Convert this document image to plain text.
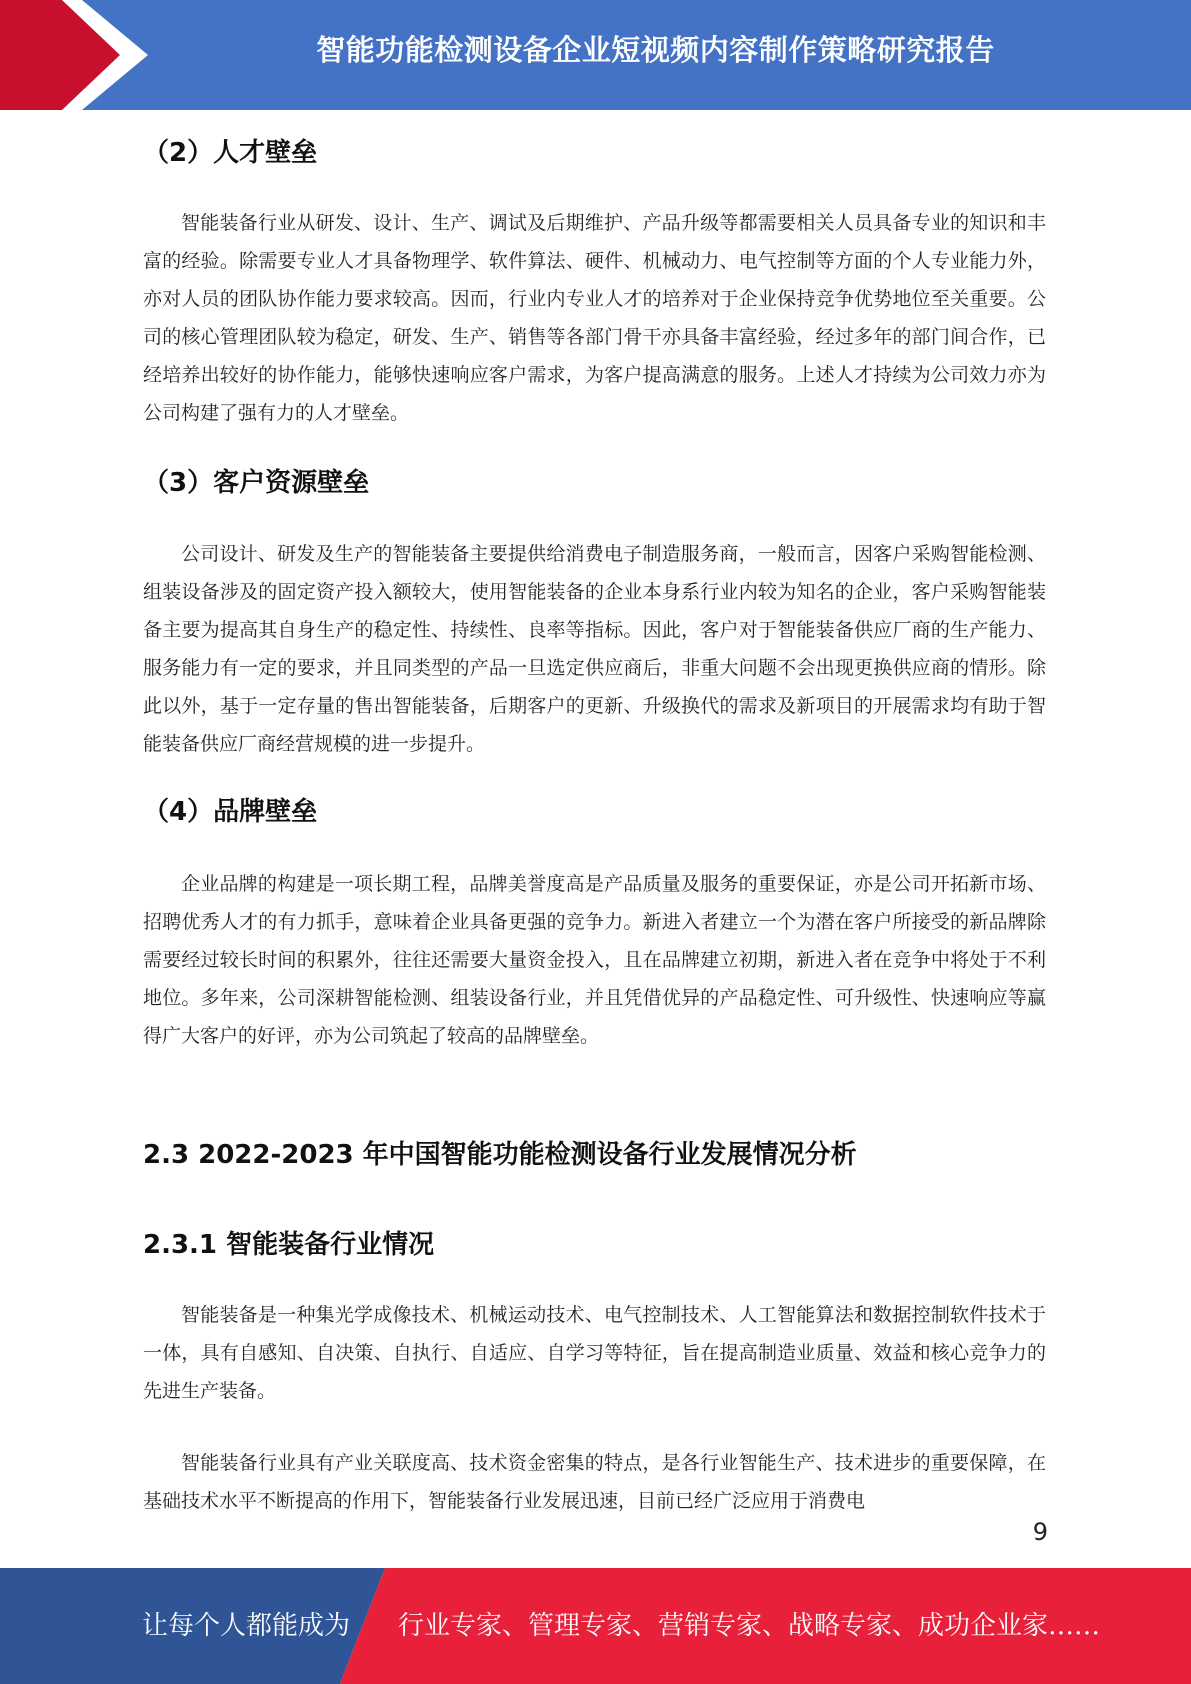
智能功能检测设备企业短视频内容制作策略研究报告
（2）人才壁垒

智能装备行业从研发、设计、生产、调试及后期维护、产品升级等都需要相关人员具备专业的知识和丰富的经验。除需要专业人才具备物理学、软件算法、硬件、机械动力、电气控制等方面的个人专业能力外，亦对人员的团队协作能力要求较高。因而，行业内专业人才的培养对于企业保持竞争优势地位至关重要。公司的核心管理团队较为稳定，研发、生产、销售等各部门骨干亦具备丰富经验，经过多年的部门间合作，已经培养出较好的协作能力，能够快速响应客户需求，为客户提高满意的服务。上述人才持续为公司效力亦为公司构建了强有力的人才壁垒。

（3）客户资源壁垒

公司设计、研发及生产的智能装备主要提供给消费电子制造服务商，一般而言，因客户采购智能检测、组装设备涉及的固定资产投入额较大，使用智能装备的企业本身系行业内较为知名的企业，客户采购智能装备主要为提高其自身生产的稳定性、持续性、良率等指标。因此，客户对于智能装备供应厂商的生产能力、服务能力有一定的要求，并且同类型的产品一旦选定供应商后，非重大问题不会出现更换供应商的情形。除此以外，基于一定存量的售出智能装备，后期客户的更新、升级换代的需求及新项目的开展需求均有助于智能装备供应厂商经营规模的进一步提升。

（4）品牌壁垒

企业品牌的构建是一项长期工程，品牌美誉度高是产品质量及服务的重要保证，亦是公司开拓新市场、招聘优秀人才的有力抓手，意味着企业具备更强的竞争力。新进入者建立一个为潜在客户所接受的新品牌除需要经过较长时间的积累外，往往还需要大量资金投入，且在品牌建立初期，新进入者在竞争中将处于不利地位。多年来，公司深耕智能检测、组装设备行业，并且凭借优异的产品稳定性、可升级性、快速响应等赢得广大客户的好评，亦为公司筑起了较高的品牌壁垒。

2.3 2022-2023 年中国智能功能检测设备行业发展情况分析
2.3.1 智能装备行业情况

智能装备是一种集光学成像技术、机械运动技术、电气控制技术、人工智能算法和数据控制软件技术于一体，具有自感知、自决策、自执行、自适应、自学习等特征，旨在提高制造业质量、效益和核心竞争力的先进生产装备。

智能装备行业具有产业关联度高、技术资金密集的特点，是各行业智能生产、技术进步的重要保障，在基础技术水平不断提高的作用下，智能装备行业发展迅速，目前已经广泛应用于消费电

9
让每个人都能成为 行业专家、管理专家、营销专家、战略专家、成功企业家……
